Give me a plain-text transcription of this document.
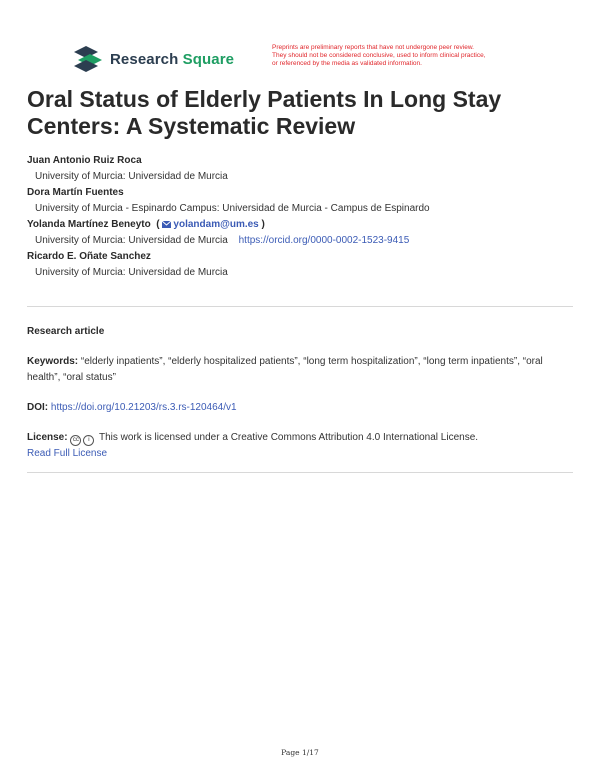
Research Square
Preprints are preliminary reports that have not undergone peer review.
They should not be considered conclusive, used to inform clinical practice,
or referenced by the media as validated information.
Oral Status of Elderly Patients In Long Stay Centers: A Systematic Review
Juan Antonio Ruiz Roca
University of Murcia: Universidad de Murcia
Dora Martín Fuentes
University of Murcia - Espinardo Campus: Universidad de Murcia - Campus de Espinardo
Yolanda Martínez Beneyto  ( yolandam@um.es )
University of Murcia: Universidad de Murcia https://orcid.org/0000-0002-1523-9415
Ricardo E. Oñate Sanchez
University of Murcia: Universidad de Murcia
Research article
Keywords: “elderly inpatients”, “elderly hospitalized patients”, “long term hospitalization”, “long term inpatients”, “oral health”, “oral status”
DOI: https://doi.org/10.21203/rs.3.rs-120464/v1
License: cc i This work is licensed under a Creative Commons Attribution 4.0 International License.
Read Full License
Page 1/17
